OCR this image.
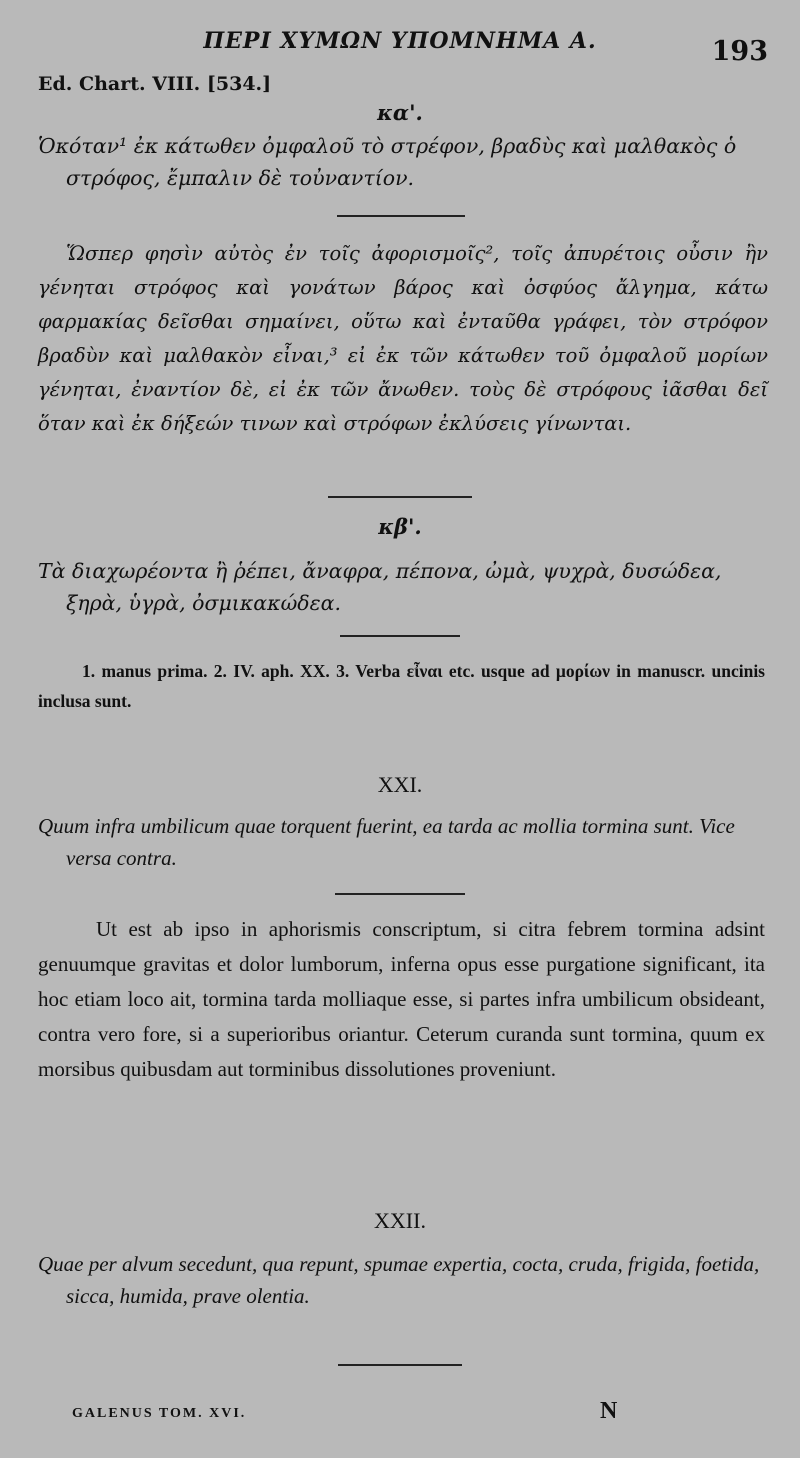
ΠΕΡΙ ΧΥΜΩΝ ΥΠΟΜΝΗΜΑ Α.	193
Ed. Chart. VIII. [534.]
κα'.

Ὁκόταν¹ ἐκ κάτωθεν ὀμφαλοῦ τὸ στρέφον, βραδὺς καὶ μαλθακὸς ὁ στρόφος, ἔμπαλιν δὲ τοὐναντίον.

Ὥσπερ φησὶν αὐτὸς ἐν τοῖς ἀφορισμοῖς², τοῖς ἀπυρέτοις οὖσιν ἢν γένηται στρόφος καὶ γονάτων βάρος καὶ ὀσφύος ἄλγημα, κάτω φαρμακίας δεῖσθαι σημαίνει, οὕτω καὶ ἐνταῦθα γράφει, τὸν στρόφον βραδὺν καὶ μαλθακὸν εἶναι,³ εἰ ἐκ τῶν κάτωθεν τοῦ ὀμφαλοῦ μορίων γένηται, ἐναντίον δὲ, εἰ ἐκ τῶν ἄνωθεν. τοὺς δὲ στρόφους ἰᾶσθαι δεῖ ὅταν καὶ ἐκ δήξεών τινων καὶ στρόφων ἐκλύσεις γίνωνται.

κβ'.

Τὰ διαχωρέοντα ἢ ῥέπει, ἄναφρα, πέπονα, ὠμὰ, ψυχρὰ, δυσώδεα, ξηρὰ, ὑγρὰ, ὀσμικακώδεα.

1. manus prima. 2. IV. aph. XX. 3. Verba εἶναι etc. usque ad μορίων in manuscr. uncinis inclusa sunt.

XXI.

Quum infra umbilicum quae torquent fuerint, ea tarda ac mollia tormina sunt. Vice versa contra.

Ut est ab ipso in aphorismis conscriptum, si citra febrem tormina adsint genuumque gravitas et dolor lumborum, inferna opus esse purgatione significant, ita hoc etiam loco ait, tormina tarda molliaque esse, si partes infra umbilicum obsideant, contra vero fore, si a superioribus oriantur. Ceterum curanda sunt tormina, quum ex morsibus quibusdam aut torminibus dissolutiones proveniunt.

XXII.

Quae per alvum secedunt, qua repunt, spumae expertia, cocta, cruda, frigida, foetida, sicca, humida, prave olentia.

GALENUS TOM. XVI.	N
